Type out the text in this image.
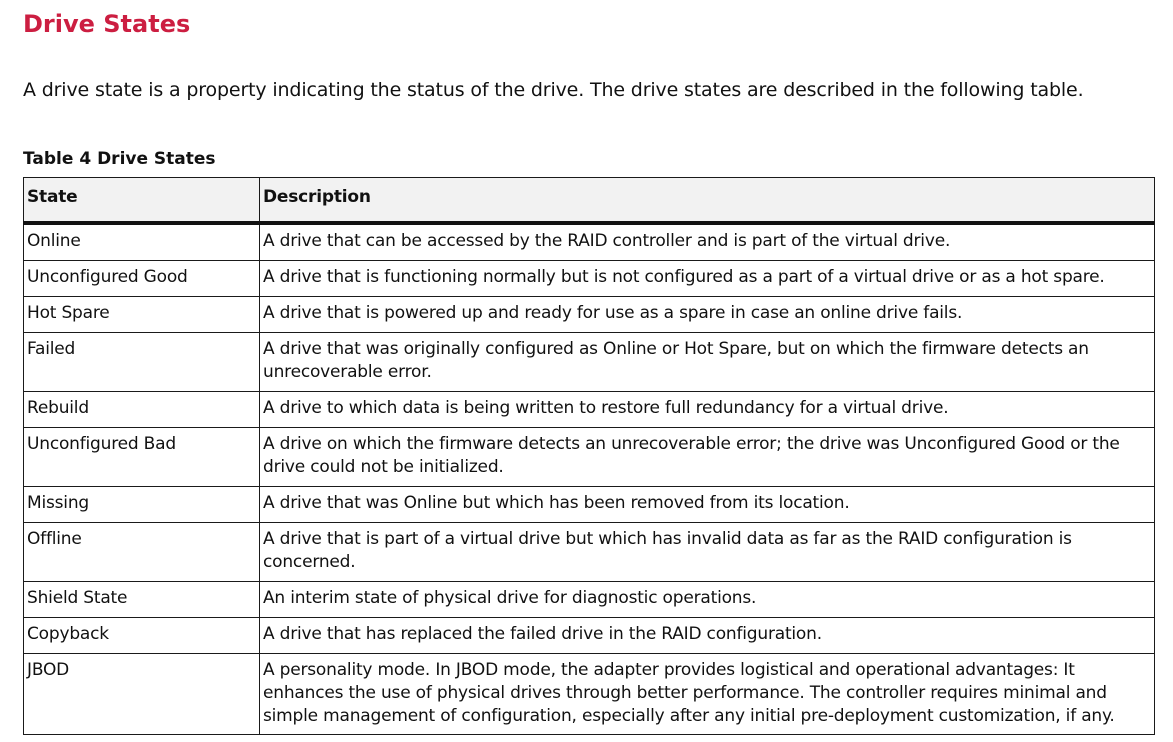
Drive States

A drive state is a property indicating the status of the drive. The drive states are described in the following table.

Table 4 Drive States

State	Description
Online	A drive that can be accessed by the RAID controller and is part of the virtual drive.
Unconfigured Good	A drive that is functioning normally but is not configured as a part of a virtual drive or as a hot spare.
Hot Spare	A drive that is powered up and ready for use as a spare in case an online drive fails.
Failed	A drive that was originally configured as Online or Hot Spare, but on which the firmware detects an unrecoverable error.
Rebuild	A drive to which data is being written to restore full redundancy for a virtual drive.
Unconfigured Bad	A drive on which the firmware detects an unrecoverable error; the drive was Unconfigured Good or the drive could not be initialized.
Missing	A drive that was Online but which has been removed from its location.
Offline	A drive that is part of a virtual drive but which has invalid data as far as the RAID configuration is concerned.
Shield State	An interim state of physical drive for diagnostic operations.
Copyback	A drive that has replaced the failed drive in the RAID configuration.
JBOD	A personality mode. In JBOD mode, the adapter provides logistical and operational advantages: It enhances the use of physical drives through better performance. The controller requires minimal and simple management of configuration, especially after any initial pre-deployment customization, if any.
